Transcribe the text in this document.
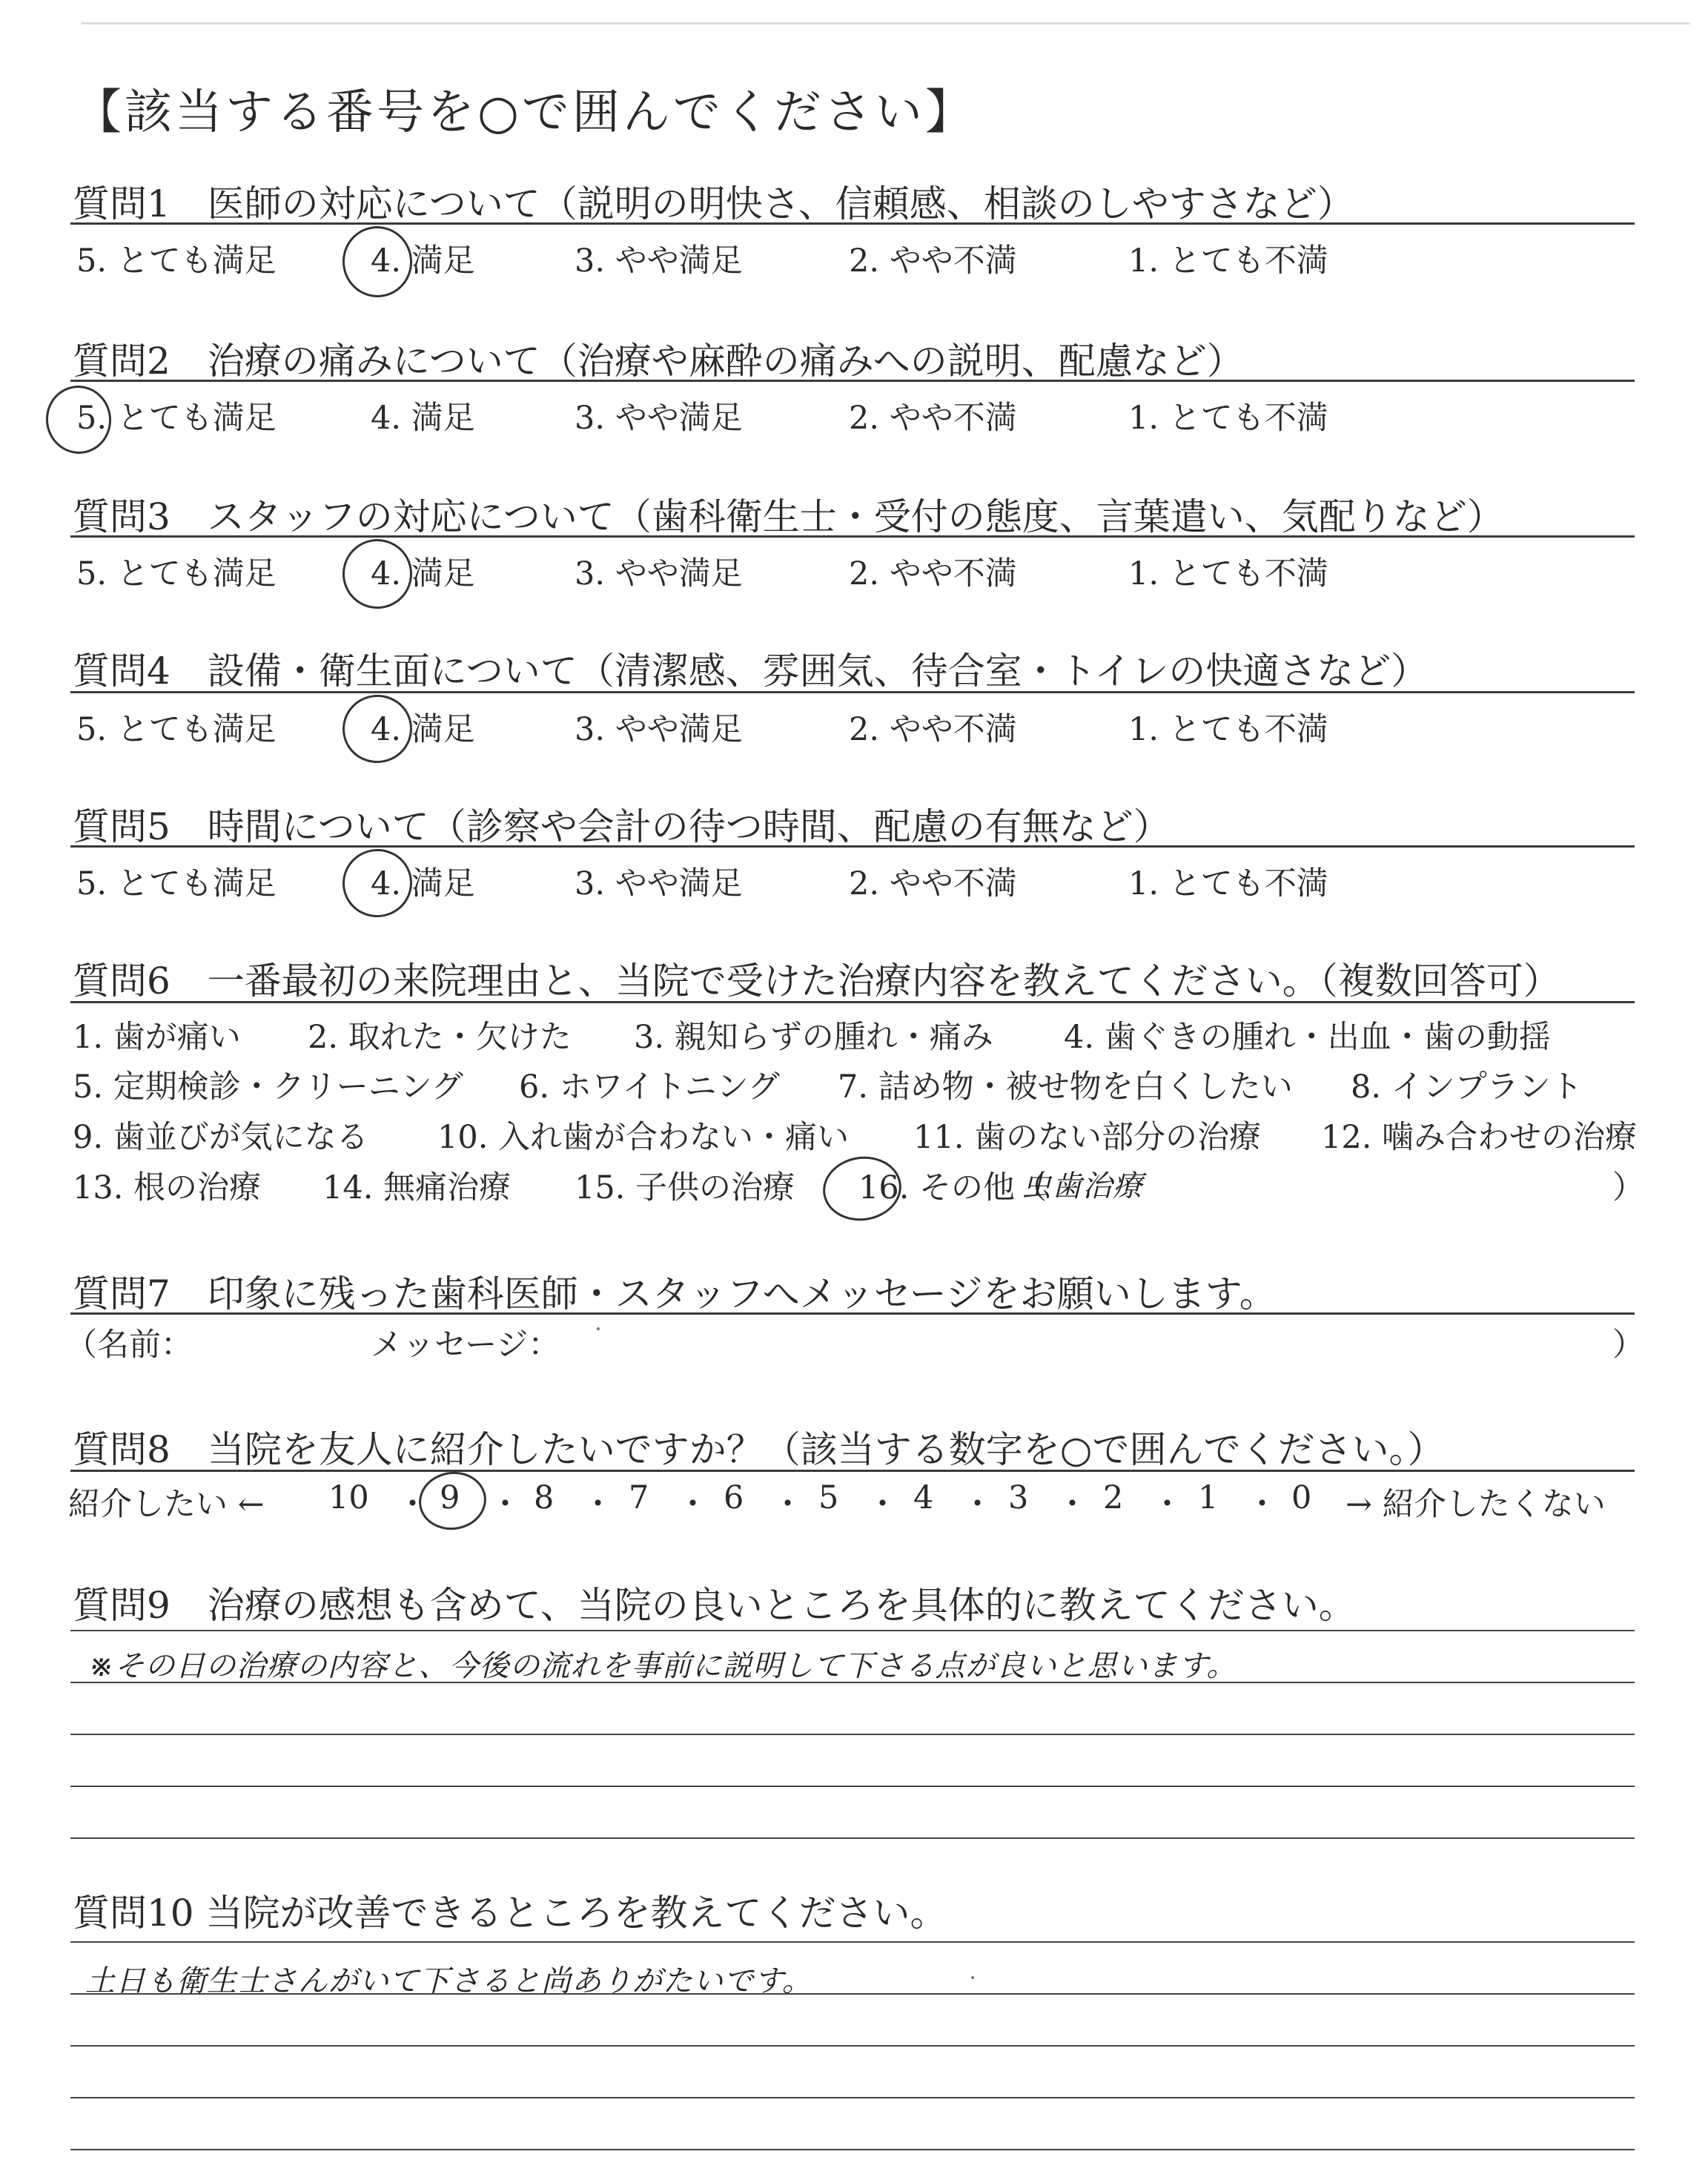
【該当する番号を○で囲んでください】
質問1　医師の対応について（説明の明快さ、信頼感、相談のしやすさなど）
5. とても満足	4. 満足	3. やや満足	2. やや不満	1. とても不満
質問2　治療の痛みについて（治療や麻酔の痛みへの説明、配慮など）
5. とても満足	4. 満足	3. やや満足	2. やや不満	1. とても不満
質問3　スタッフの対応について（歯科衛生士・受付の態度、言葉遣い、気配りなど）
5. とても満足	4. 満足	3. やや満足	2. やや不満	1. とても不満
質問4　設備・衛生面について（清潔感、雰囲気、待合室・トイレの快適さなど）
5. とても満足	4. 満足	3. やや満足	2. やや不満	1. とても不満
質問5　時間について（診察や会計の待つ時間、配慮の有無など）
5. とても満足	4. 満足	3. やや満足	2. やや不満	1. とても不満
質問6　一番最初の来院理由と、当院で受けた治療内容を教えてください。（複数回答可）
1. 歯が痛い 2. 取れた・欠けた 3. 親知らずの腫れ・痛み 4. 歯ぐきの腫れ・出血・歯の動揺
5. 定期検診・クリーニング 6. ホワイトニング 7. 詰め物・被せ物を白くしたい 8. インプラント
9. 歯並びが気になる 10. 入れ歯が合わない・痛い 11. 歯のない部分の治療 12. 噛み合わせの治療
13. 根の治療 14. 無痛治療 15. 子供の治療 16. その他（
虫歯治療	）
質問7　印象に残った歯科医師・スタッフへメッセージをお願いします。
（名前：	メッセージ：	）
質問8　当院を友人に紹介したいですか？（該当する数字を○で囲んでください。）
紹介したい ← 10 ・ 9 ・ 8 ・ 7 ・ 6 ・ 5 ・ 4 ・ 3 ・ 2 ・ 1 ・ 0 → 紹介したくない
質問9　治療の感想も含めて、当院の良いところを具体的に教えてください。
※その日の治療の内容と、今後の流れを事前に説明して下さる点が良いと思います。
質問10 当院が改善できるところを教えてください。
土日も衛生士さんがいて下さると尚ありがたいです。
